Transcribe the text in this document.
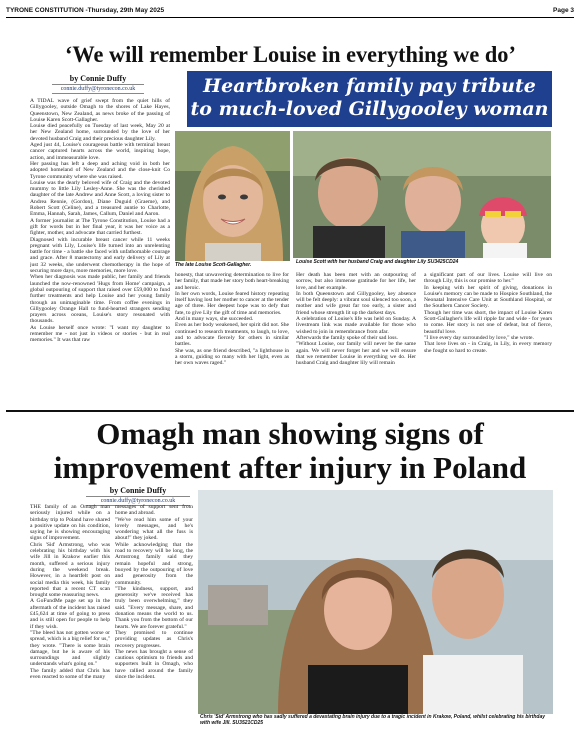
TYRONE CONSTITUTION -Thursday, 29th May 2025	Page 3
‘We will remember Louise in everything we do’
by Connie Duffy
connie.duffy@tyronecon.co.uk	Heartbroken family pay tribute
to much-loved Gillygooley woman

A TIDAL wave of grief swept from the quiet hills of Gillygooley, outside Omagh to the shores of Lake Hayes, Queenstown, New Zealand, as news broke of the passing of Louise Karen Scott-Gallagher.

Louise died peacefully on Tuesday of last week, May 20 at her New Zealand home, surrounded by the love of her devoted husband Craig and their precious daughter Lily.

Aged just 44, Louise's courageous battle with terminal breast cancer captured hearts across the world, inspiring hope, action, and immeasurable love.

Her passing has left a deep and aching void in both her adopted homeland of New Zealand and the close-knit Co Tyrone community where she was raised.

Louise was the dearly beloved wife of Craig and the devoted mummy to little Lily Lesley-Anne. She was the cherished daughter of the late Andrew and Anne Scott, a loving sister to Andrea Rennie, (Gordon), Diane Duguid (Graeme), and Robert Scott (Celine), and a treasured auntie to Charlotte, Emma, Hannah, Sarah, James, Callum, Daniel and Aaron.

A former journalist at The Tyrone Constitution, Louise had a gift for words but in her final year, it was her voice as a fighter, mother, and advocate that carried furthest.

Diagnosed with incurable breast cancer while 11 weeks pregnant with Lily, Louise's life turned into an unrelenting battle for time - a battle she faced with unfathomable courage and grace. After 8 mastectomy and early delivery of Lily at just 32 weeks, she underwent chemotherapy in the hope of securing more days, more memories, more love.

When her diagnosis was made public, her family and friends launched the now-renowned 'Hugs from Home' campaign, a global outpouring of support that raised over £59,000 to fund further treatments and help Louise and her young family through an unimaginable time. From coffee evenings in Gillygooley Orange Hall to fund-hearted strangers sending prayers across oceans, Louise's story resonated with thousands.

As Louise herself once wrote: "I want my daughter to remember me - not just in videos or stories - but in real memories." It was that raw

The late Louise Scott-Gallagher.	Louise Scott with her husband Craig and daughter Lily SU3425CD24

honesty, that unwavering determination to live for her family, that made her story both heart-breaking and heroic.

In her own words, Louise feared history repeating itself having lost her mother to cancer at the tender age of three. Her deepest hope was to defy that fate, to give Lily the gift of time and memories.

And in many ways, she succeeded.

Even as her body weakened, her spirit did not. She continued to research treatments, to laugh, to love, and to advocate fiercely for others in similar battles.

She was, as one friend described, "a lighthouse in a storm, guiding so many with her light, even as her own waves raged."

Her death has been met with an outpouring of sorrow, but also immense gratitude for her life, her love, and her example.

In both Queenstown and Gillygooley, key absence will be felt deeply: a vibrant soul silenced too soon, a mother and wife great far too early, a sister and friend whose strength lit up the darkest days.

A celebration of Louise's life was held on Sunday. A livestream link was made available for those who wished to join in remembrance from afar.

Afterwards the family spoke of their sad loss.

"Without Louise, our family will never be the same again. We will never forget her and we will ensure that we remember Louise in everything we do. Her husband Craig and daughter lily will remain

a significant part of our lives. Louise will live on through Lily, this is our promise to her."

In keeping with her spirit of giving, donations in Louise's memory can be made to Hospice Southland, the Neonatal Intensive Care Unit at Southland Hospital, or the Southern Cancer Society.

Though her time was short, the impact of Louise Karen Scott-Gallagher's life will ripple far and wide - for years to come. Her story is not one of defeat, but of fierce, beautiful love.

"I live every day surrounded by love," she wrote.

That love lives on - in Craig, in Lily, in every memory she fought so hard to create.

Omagh man showing signs of
improvement after injury in Poland
by Connie Duffy
connie.duffy@tyronecon.co.uk

THE family of an Omagh man seriously injured while on a birthday trip to Poland have shared a positive update on his condition, saying he is showing encouraging signs of improvement.

Chris 'Sid' Armstrong, who was celebrating his birthday with his wife Jill in Krakow earlier this month, suffered a serious injury during the weekend break. However, in a heartfelt post on social media this week, his family reported that a recent CT scan brought some reassuring news.

A GoFundMe page set up in the aftermath of the incident has raised £45,624 at time of going to press and is still open for people to help if they wish.

"The bleed has not gotten worse or spread, which is a big relief for us," they wrote. "There is some brain damage, but he is aware of his surroundings and slightly understands what's going on."

The family added that Chris has even reacted to some of the many

messages of support sent from home and abroad.

"We've read him some of your lovely messages, and he's wondering what all the fuss is about!" they joked.

While acknowledging that the road to recovery will be long, the Armstrong family said they remain hopeful and strong, buoyed by the outpouring of love and generosity from the community.

"The kindness, support, and generosity we've received has truly been overwhelming," they said. "Every message, share, and donation means the world to us. Thank you from the bottom of our hearts. We are forever grateful."

They promised to continue providing updates as Chris's recovery progresses.

The news has brought a sense of cautious optimism to friends and supporters built in Omagh, who have rallied around the family since the incident.

Chris 'Sid' Armstrong who has sadly suffered a devastating brain injury due to a tragic incident in Krakow, Poland, whilst celebrating his birthday with wife Jill. SU3521CD25
